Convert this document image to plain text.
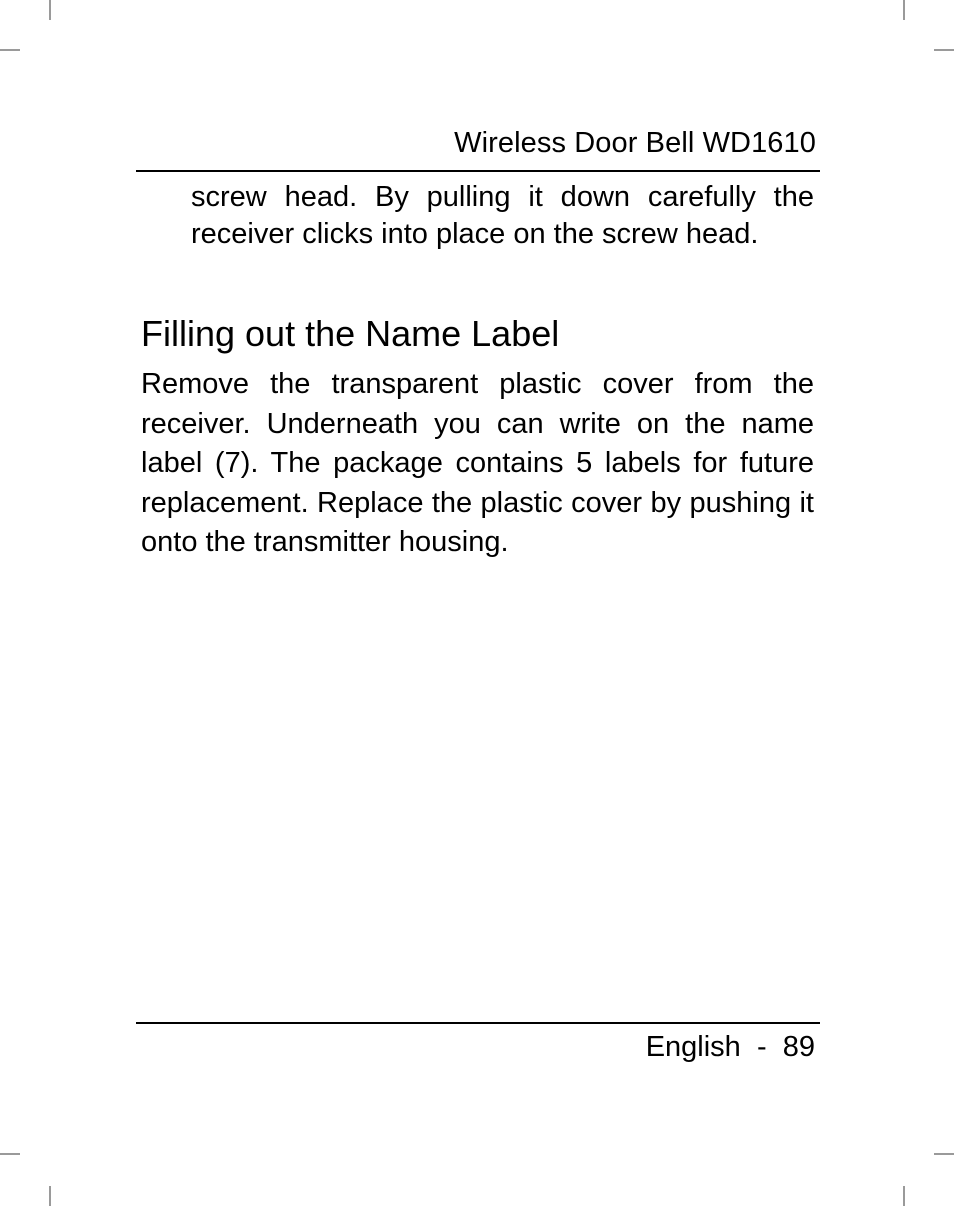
Wireless Door Bell WD1610

screw head. By pulling it down carefully the receiver clicks into place on the screw head.

Filling out the Name Label

Remove the transparent plastic cover from the receiver. Underneath you can write on the name label (7). The package contains 5 labels for future replacement. Replace the plastic cover by pushing it onto the transmitter housing.

English - 89
